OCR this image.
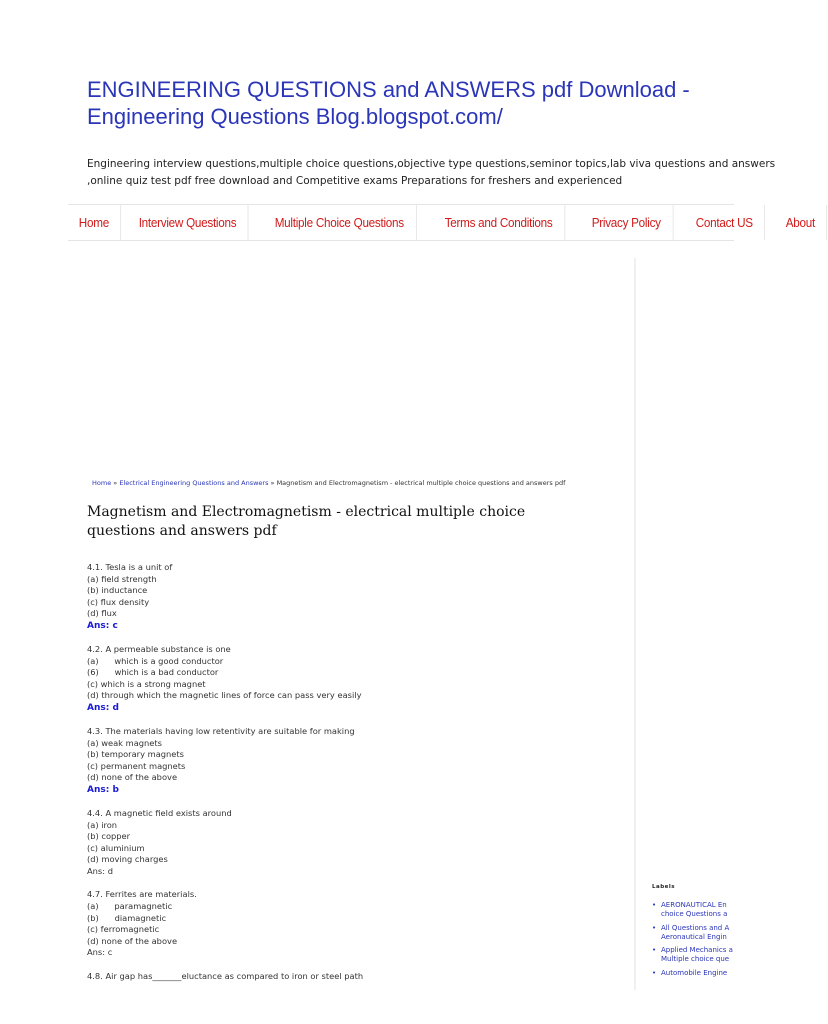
ENGINEERING QUESTIONS and ANSWERS pdf Download -
Engineering Questions Blog.blogspot.com/
Engineering interview questions,multiple choice questions,objective type questions,seminor topics,lab viva questions and answers
,online quiz test pdf free download and Competitive exams Preparations for freshers and experienced
Home	Interview Questions	Multiple Choice Questions	Terms and Conditions	Privacy Policy	Contact US	About
Home » Electrical Engineering Questions and Answers » Magnetism and Electromagnetism - electrical multiple choice questions and answers pdf
Magnetism and Electromagnetism - electrical multiple choice questions and answers pdf
4.1. Tesla is a unit of
(a) field strength
(b) inductance
(c) flux density
(d) flux
Ans: c
4.2. A permeable substance is one
(a)      which is a good conductor
(6)      which is a bad conductor
(c) which is a strong magnet
(d) through which the magnetic lines of force can pass very easily
Ans: d
4.3. The materials having low retentivity are suitable for making
(a) weak magnets
(b) temporary magnets
(c) permanent magnets
(d) none of the above
Ans: b
4.4. A magnetic field exists around
(a) iron
(b) copper
(c) aluminium
(d) moving charges
Ans: d
4.7. Ferrites are materials.
(a)      paramagnetic
(b)      diamagnetic
(c) ferromagnetic
(d) none of the above
Ans: c
4.8. Air gap has_______eluctance as compared to iron or steel path
Labels
• AERONAUTICAL En
choice Questions a
• All Questions and A
Aeronautical Engin
• Applied Mechanics a
Multiple choice que
• Automobile Engine
